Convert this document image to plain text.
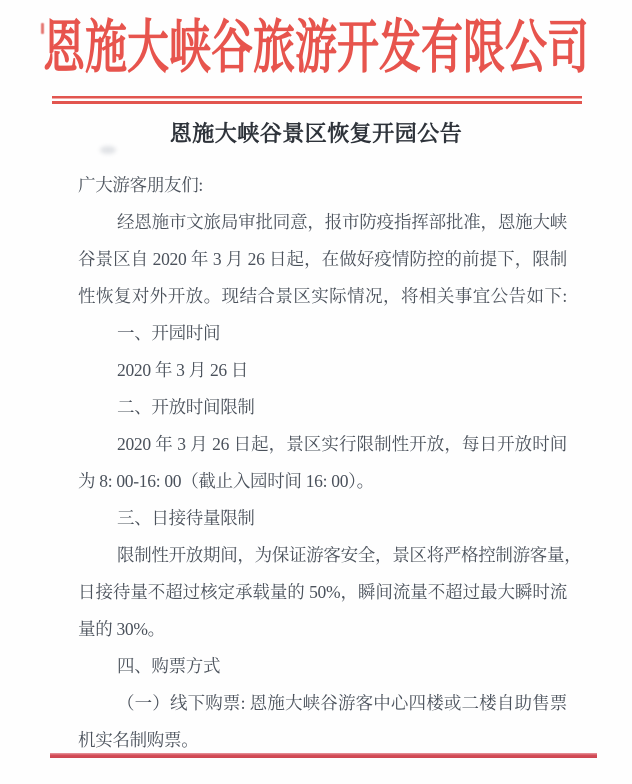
恩施大峡谷旅游开发有限公司
恩施大峡谷景区恢复开园公告
广大游客朋友们:
经恩施市文旅局审批同意，报市防疫指挥部批准，恩施大峡
谷景区自 2020 年 3 月 26 日起，在做好疫情防控的前提下，限制
性恢复对外开放。现结合景区实际情况，将相关事宜公告如下:
一、开园时间
2020 年 3 月 26 日
二、开放时间限制
2020 年 3 月 26 日起，景区实行限制性开放，每日开放时间
为 8: 00-16: 00（截止入园时间 16: 00）。
三、日接待量限制
限制性开放期间，为保证游客安全，景区将严格控制游客量，
日接待量不超过核定承载量的 50%，瞬间流量不超过最大瞬时流
量的 30%。
四、购票方式
（一）线下购票: 恩施大峡谷游客中心四楼或二楼自助售票
机实名制购票。
